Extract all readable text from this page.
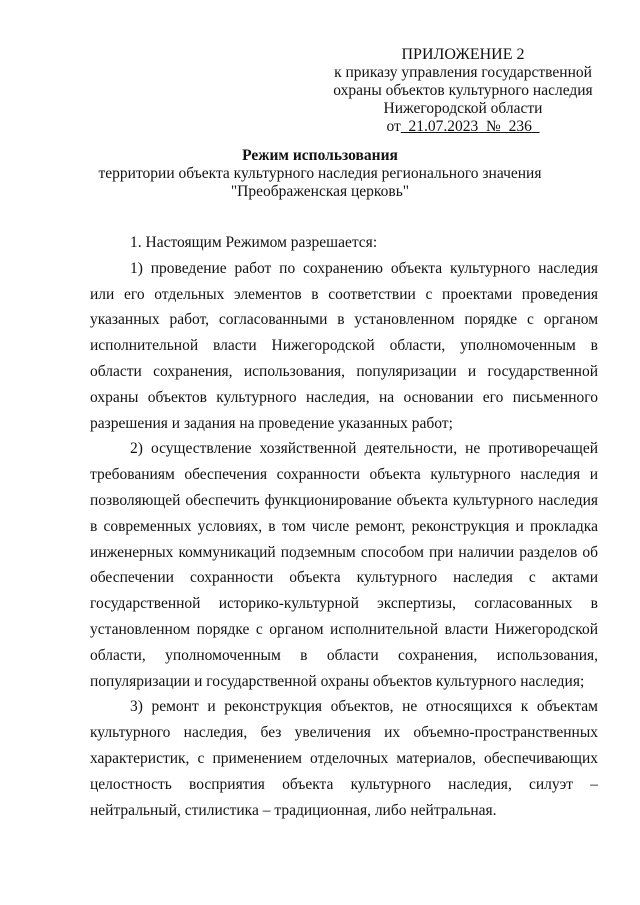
ПРИЛОЖЕНИЕ 2
к приказу управления государственной
охраны объектов культурного наследия
Нижегородской области
от 21.07.2023 № 236
Режим использования
территории объекта культурного наследия регионального значения
"Преображенская церковь"

1. Настоящим Режимом разрешается:

1) проведение работ по сохранению объекта культурного наследия или его отдельных элементов в соответствии с проектами проведения указанных работ, согласованными в установленном порядке с органом исполнительной власти Нижегородской области, уполномоченным в области сохранения, использования, популяризации и государственной охраны объектов культурного наследия, на основании его письменного разрешения и задания на проведение указанных работ;

2) осуществление хозяйственной деятельности, не противоречащей требованиям обеспечения сохранности объекта культурного наследия и позволяющей обеспечить функционирование объекта культурного наследия в современных условиях, в том числе ремонт, реконструкция и прокладка инженерных коммуникаций подземным способом при наличии разделов об обеспечении сохранности объекта культурного наследия с актами государственной историко-культурной экспертизы, согласованных в установленном порядке с органом исполнительной власти Нижегородской области, уполномоченным в области сохранения, использования, популяризации и государственной охраны объектов культурного наследия;

3) ремонт и реконструкция объектов, не относящихся к объектам культурного наследия, без увеличения их объемно-пространственных характеристик, с применением отделочных материалов, обеспечивающих целостность восприятия объекта культурного наследия, силуэт – нейтральный, стилистика – традиционная, либо нейтральная.
